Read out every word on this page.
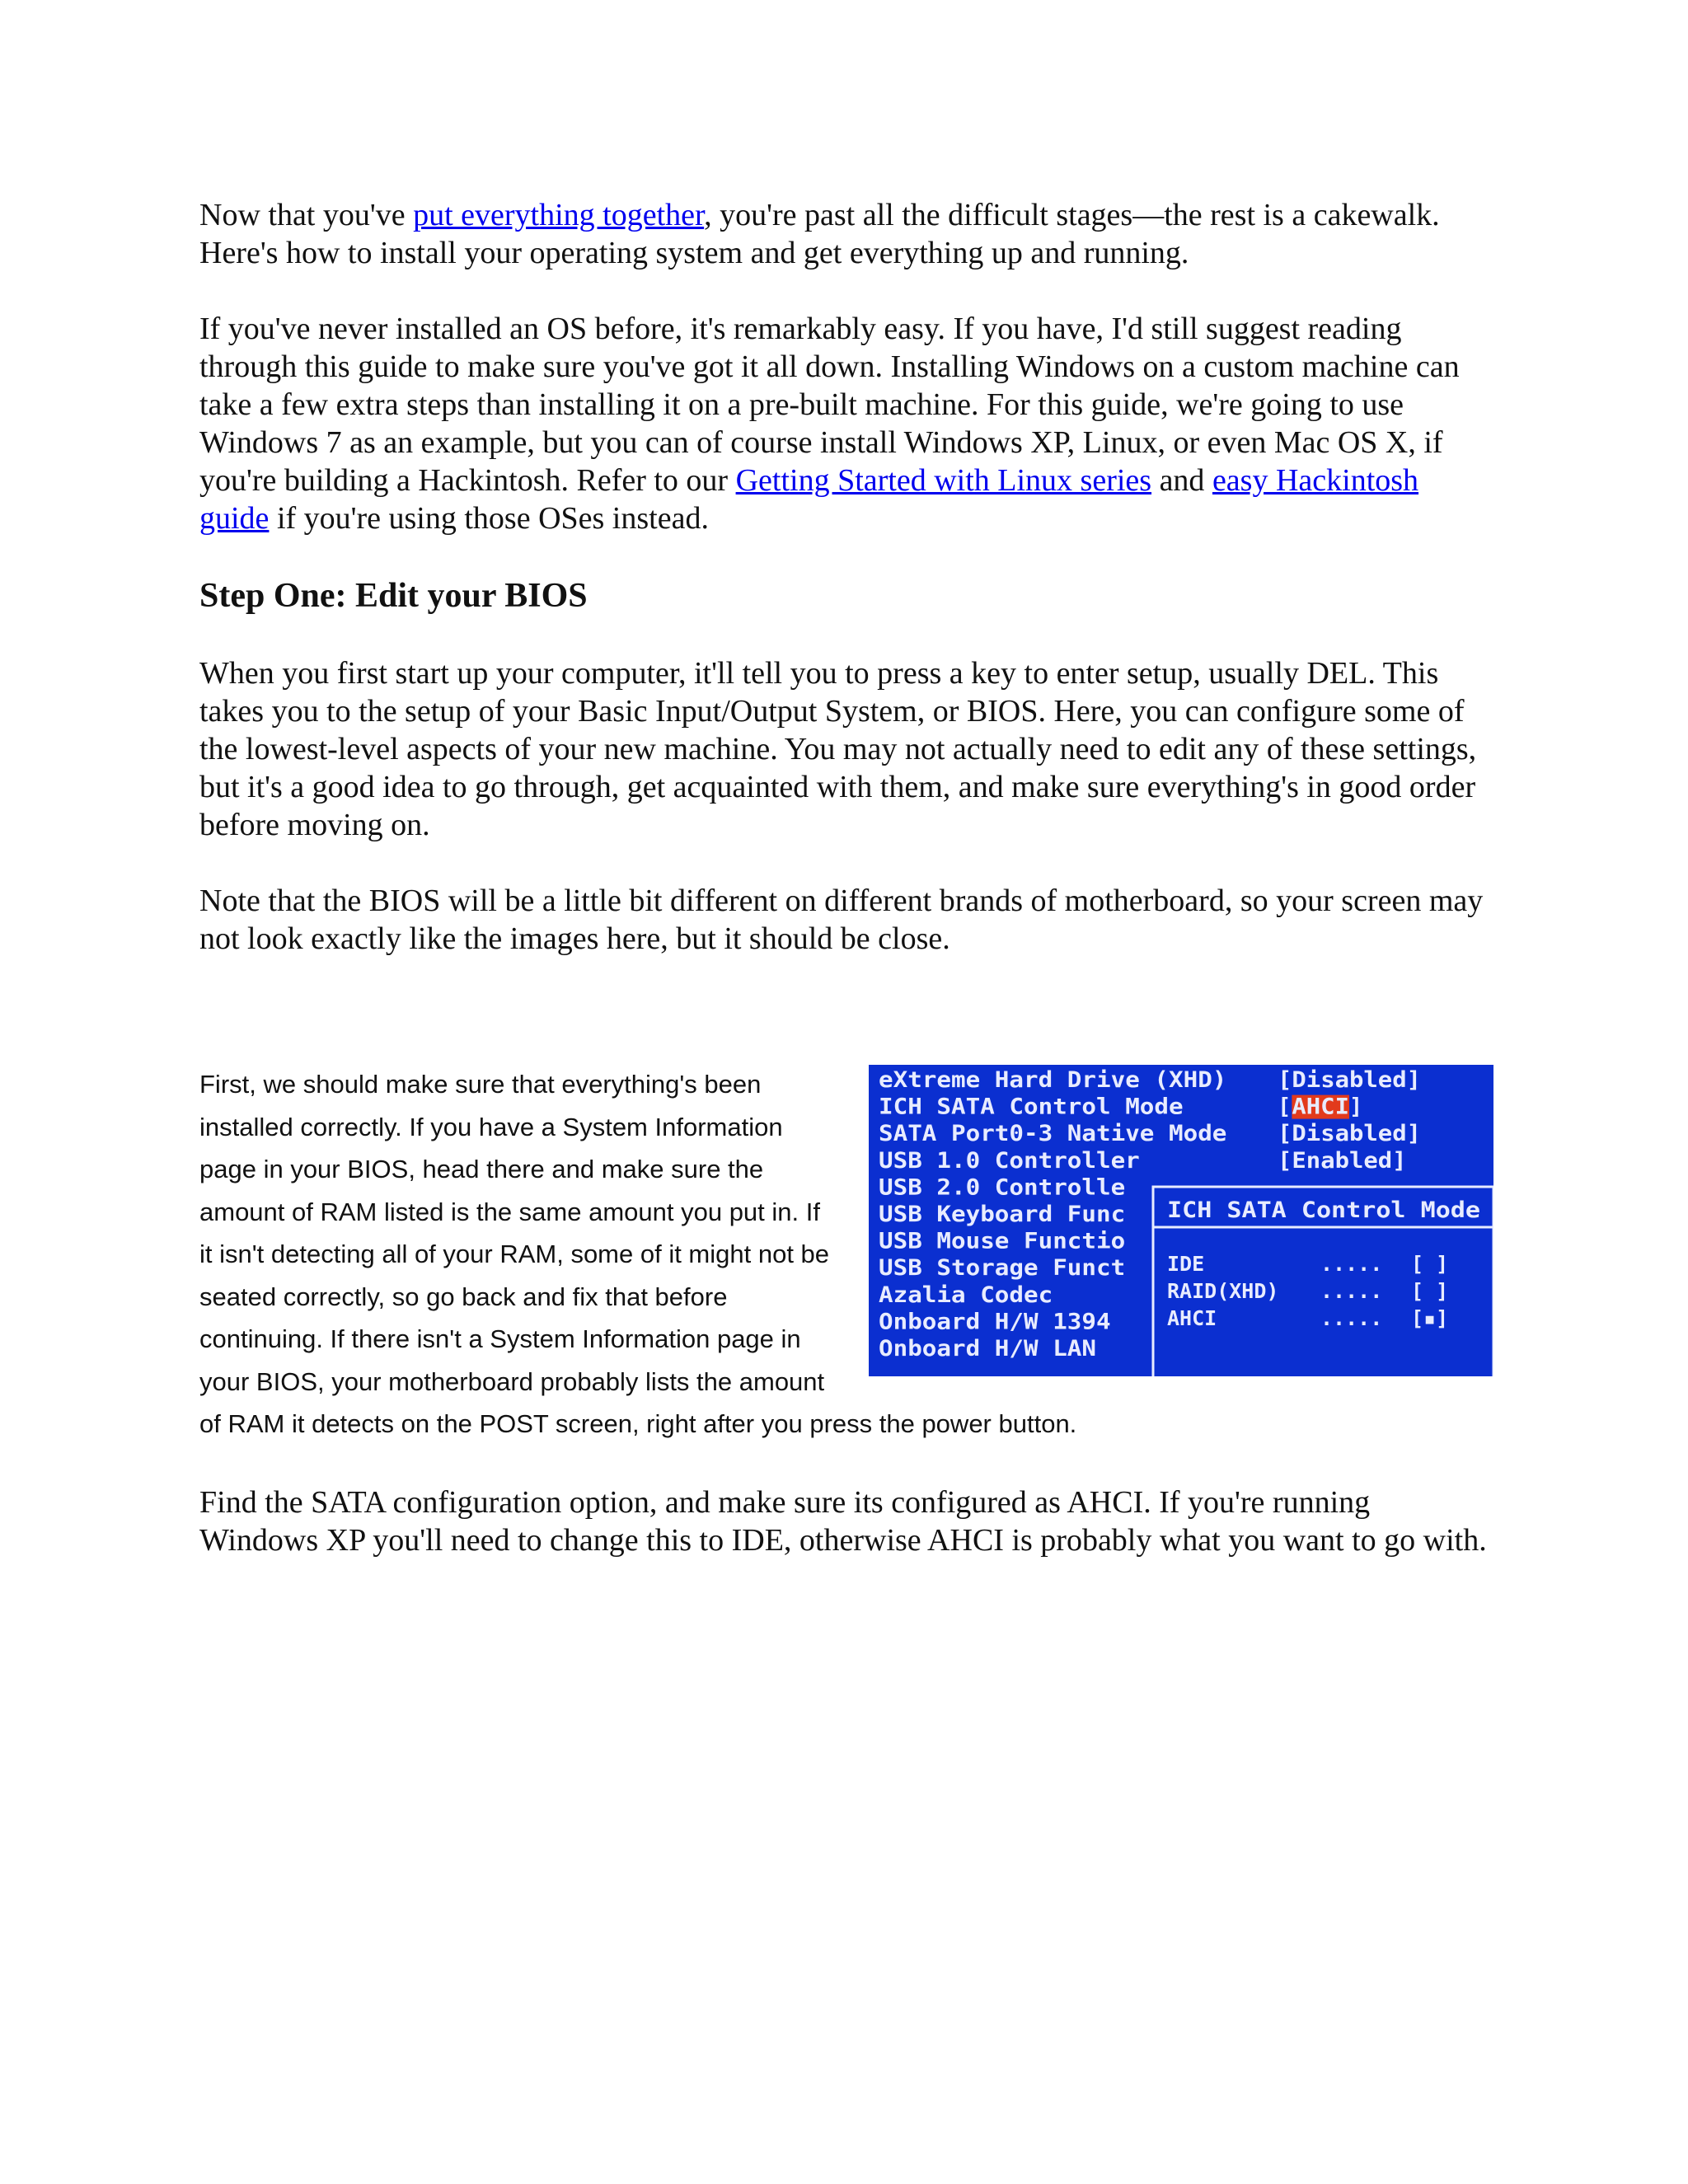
Now that you've put everything together, you're past all the difficult stages—the rest is a cakewalk. Here's how to install your operating system and get everything up and running.

If you've never installed an OS before, it's remarkably easy. If you have, I'd still suggest reading through this guide to make sure you've got it all down. Installing Windows on a custom machine can take a few extra steps than installing it on a pre-built machine. For this guide, we're going to use Windows 7 as an example, but you can of course install Windows XP, Linux, or even Mac OS X, if you're building a Hackintosh. Refer to our Getting Started with Linux series and easy Hackintosh guide if you're using those OSes instead.

Step One: Edit your BIOS

When you first start up your computer, it'll tell you to press a key to enter setup, usually DEL. This takes you to the setup of your Basic Input/Output System, or BIOS. Here, you can configure some of the lowest-level aspects of your new machine. You may not actually need to edit any of these settings, but it's a good idea to go through, get acquainted with them, and make sure everything's in good order before moving on.

Note that the BIOS will be a little bit different on different brands of motherboard, so your screen may not look exactly like the images here, but it should be close.

eXtreme Hard Drive (XHD) [Disabled]
ICH SATA Control Mode	[ AHCI ]
SATA Port0-3 Native Mode [Disabled]
USB 1.0 Controller	[Enabled]
USB 2.0 Controlle
USB Keyboard Func
USB Mouse Functio
USB Storage Funct
Azalia Codec
Onboard H/W 1394
Onboard H/W LAN
ICH SATA Control Mode
IDE	..... [ ]
RAID(XHD) ..... [ ]
AHCI	..... [▪]
First, we should make sure that everything's been installed correctly. If you have a System Information page in your BIOS, head there and make sure the amount of RAM listed is the same amount you put in. If it isn't detecting all of your RAM, some of it might not be seated correctly, so go back and fix that before continuing. If there isn't a System Information page in your BIOS, your motherboard probably lists the amount of RAM it detects on the POST screen, right after you press the power button.

Find the SATA configuration option, and make sure its configured as AHCI. If you're running Windows XP you'll need to change this to IDE, otherwise AHCI is probably what you want to go with.
